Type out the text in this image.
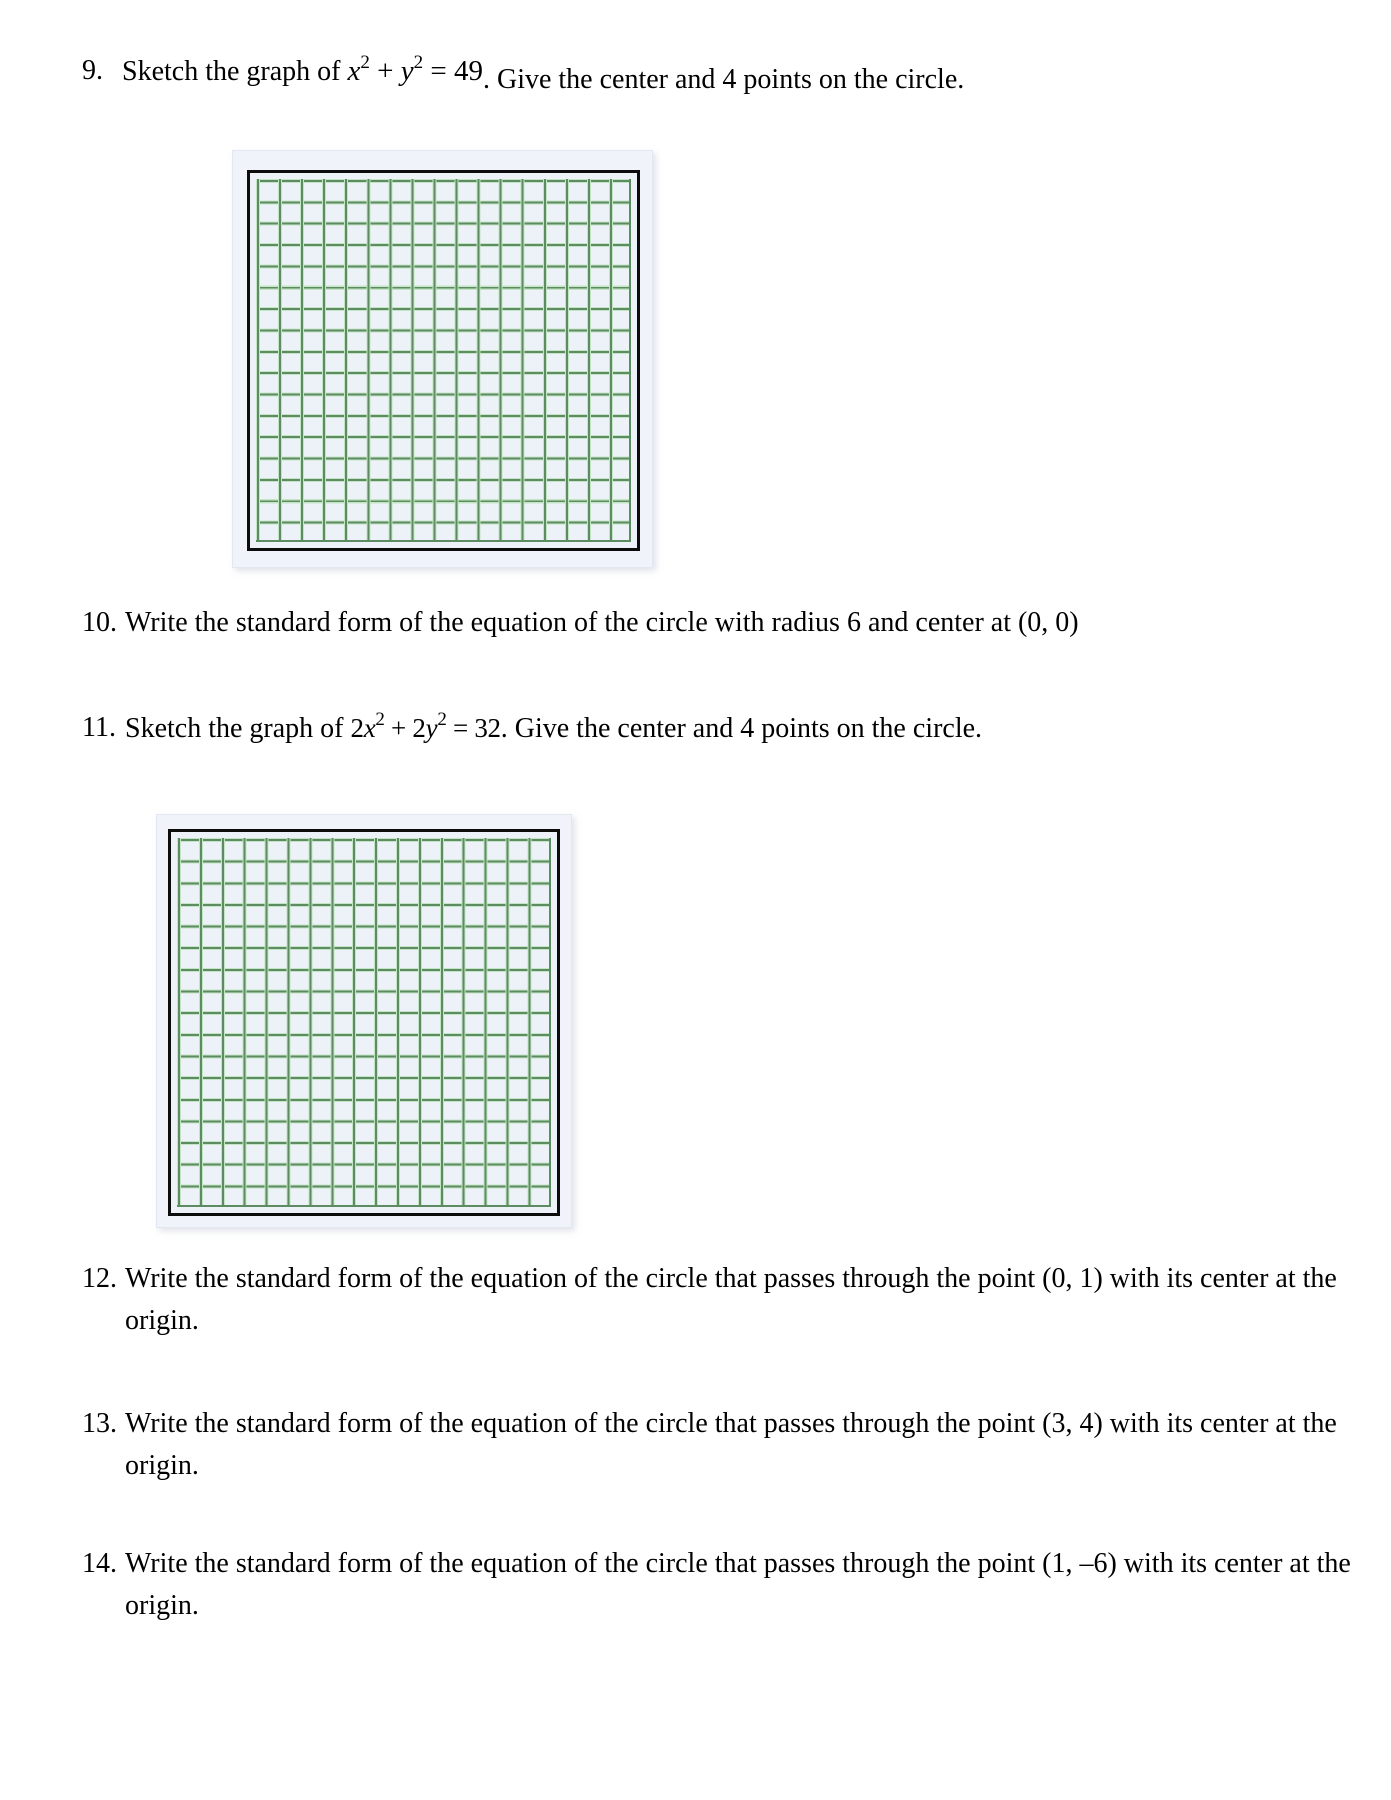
9. Sketch the graph of $x^2 + y^2 = 49$. Give the center and 4 points on the circle.
10. Write the standard form of the equation of the circle with radius 6 and center at (0, 0)
11. Sketch the graph of $2x^2 + 2y^2 = 32$. Give the center and 4 points on the circle.
12. Write the standard form of the equation of the circle that passes through the point (0, 1) with its center at the
origin.
13. Write the standard form of the equation of the circle that passes through the point (3, 4) with its center at the
origin.
14. Write the standard form of the equation of the circle that passes through the point (1, –6) with its center at the
origin.
